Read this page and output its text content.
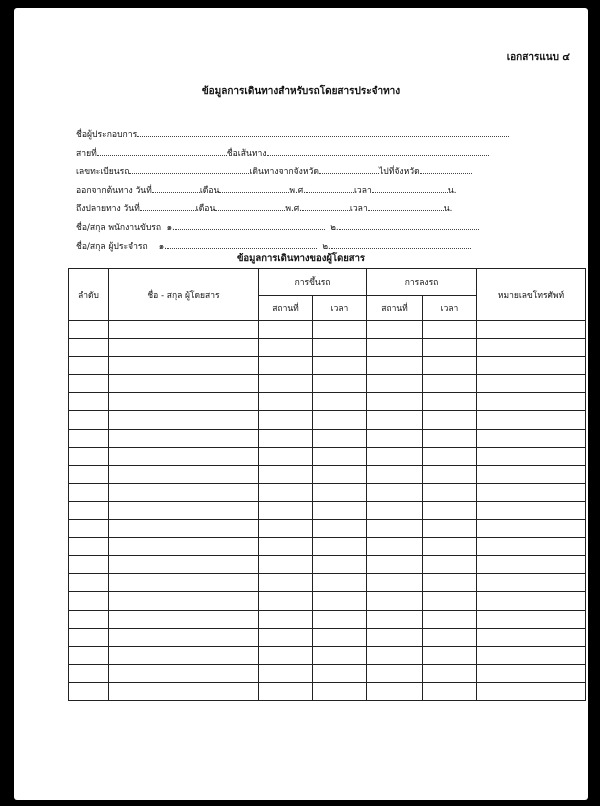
เอกสารแนบ ๔
ข้อมูลการเดินทางสำหรับรถโดยสารประจำทาง
ชื่อผู้ประกอบการ
สายที่	ชื่อเส้นทาง
เลขทะเบียนรถ	เดินทางจากจังหวัด	ไปที่จังหวัด
ออกจากต้นทาง วันที่	เดือน	พ.ศ.	เวลา	น.
ถึงปลายทาง วันที่	เดือน	พ.ศ.	เวลา	น.
ชื่อ/สกุล พนักงานขับรถ ๑.	๒.
ชื่อ/สกุล ผู้ประจำรถ ๑.	๒.
ข้อมูลการเดินทางของผู้โดยสาร
ลำดับ	ชื่อ - สกุล ผู้โดยสาร	การขึ้นรถ		การลงรถ		หมายเลขโทรศัพท์
		สถานที่	เวลา	สถานที่	เวลา	
